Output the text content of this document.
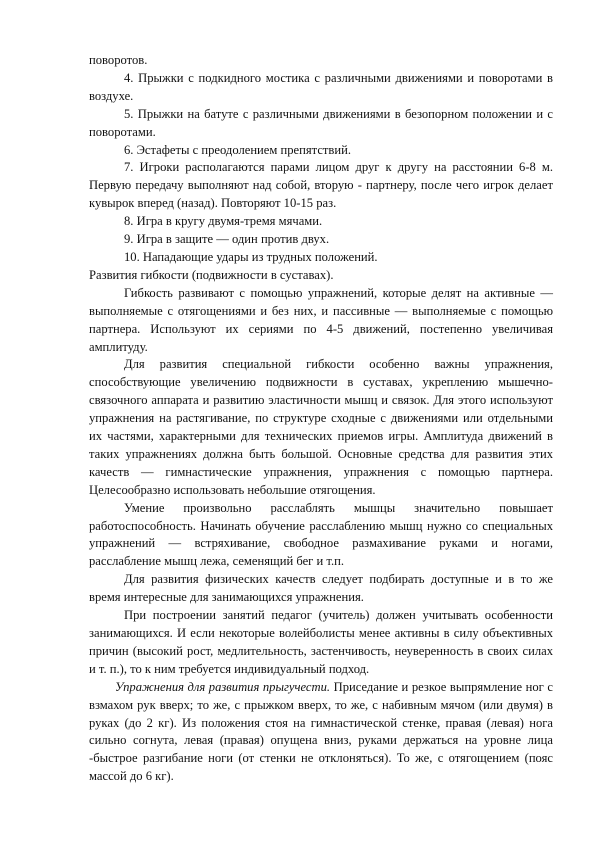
поворотов.

4. Прыжки с подкидного мостика с различными движениями и поворотами в воздухе.

5. Прыжки на батуте с различными движениями в безопорном положении и с поворотами.

6. Эстафеты с преодолением препятствий.

7. Игроки располагаются парами лицом друг к другу на расстоянии 6-8 м. Первую передачу выполняют над собой, вторую - партнеру, после чего игрок делает кувырок вперед (назад). Повторяют 10-15 раз.

8. Игра в кругу двумя-тремя мячами.

9. Игра в защите — один против двух.

10. Нападающие удары из трудных положений.

Развития гибкости (подвижности в суставах).

Гибкость развивают с помощью упражнений, которые делят на активные — выполняемые с отягощениями и без них, и пассивные — выполняемые с помощью партнера. Используют их сериями по 4-5 движений, постепенно увеличивая амплитуду.

Для развития специальной гибкости особенно важны упражнения, способствующие увеличению подвижности в суставах, укреплению мышечно-связочного аппарата и развитию эластичности мышц и связок. Для этого используют упражнения на растягивание, по структуре сходные с движениями или отдельными их частями, характерными для технических приемов игры. Амплитуда движений в таких упражнениях должна быть большой. Основные средства для развития этих качеств — гимнастические упражнения, упражнения с помощью партнера. Целесообразно использовать небольшие отягощения.

Умение произвольно расслаблять мышцы значительно повышает работоспособность. Начинать обучение расслаблению мышц нужно со специальных упражнений — встряхивание, свободное размахивание руками и ногами, расслабление мышц лежа, семенящий бег и т.п.

Для развития физических качеств следует подбирать доступные и в то же время интересные для занимающихся упражнения.

При построении занятий педагог (учитель) должен учитывать особенности занимающихся. И если некоторые волейболисты менее активны в силу объективных причин (высокий рост, медлительность, застенчивость, неуверенность в своих силах и т. п.), то к ним требуется индивидуальный подход.

Упражнения для развития прыгучести. Приседание и резкое выпрямление ног с взмахом рук вверх; то же, с прыжком вверх, то же, с набивным мячом (или двумя) в руках (до 2 кг). Из положения стоя на гимнастической стенке, правая (левая) нога сильно согнута, левая (правая) опущена вниз, руками держаться на уровне лица -быстрое разгибание ноги (от стенки не отклоняться). То же, с отягощением (пояс массой до 6 кг).
